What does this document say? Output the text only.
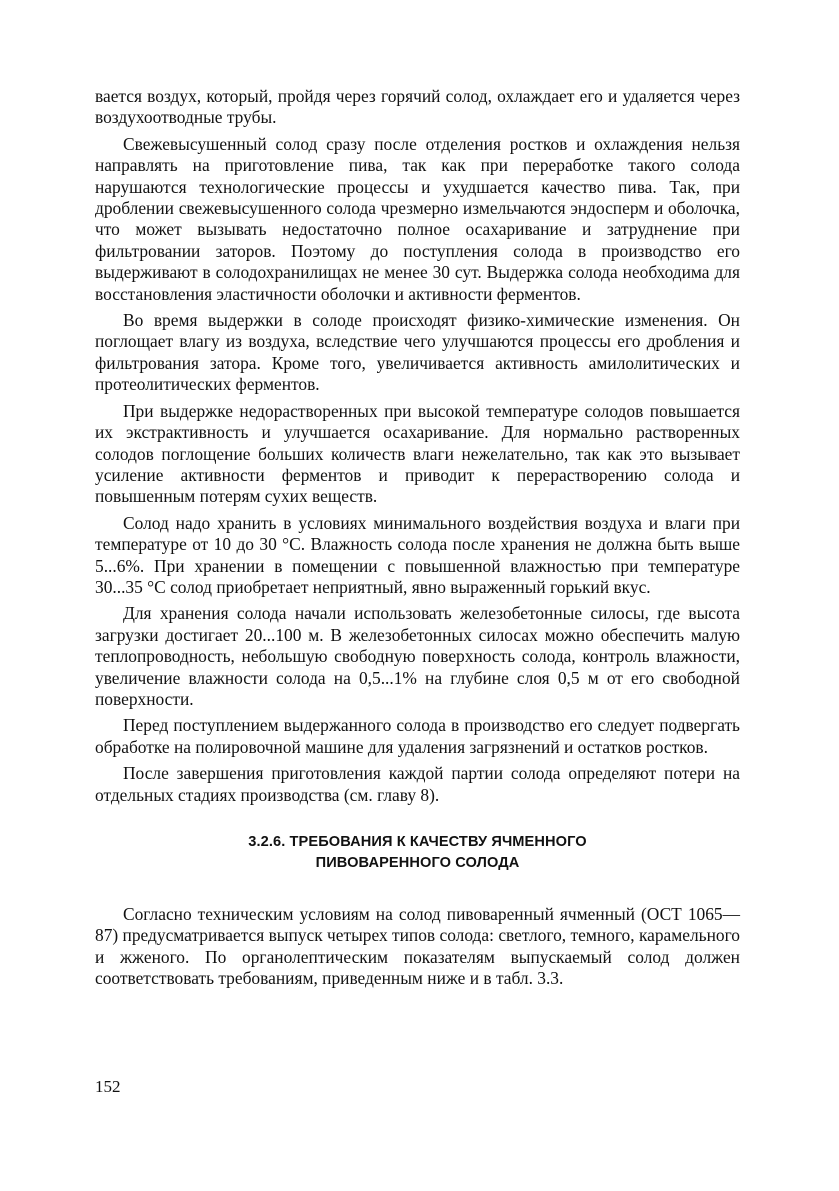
вается воздух, который, пройдя через горячий солод, охлаждает его и удаляется через воздухоотводные трубы.

Свежевысушенный солод сразу после отделения ростков и охлаждения нельзя направлять на приготовление пива, так как при переработке такого солода нарушаются технологические процессы и ухудшается качество пива. Так, при дроблении свежевысушенного солода чрезмерно измельчаются эндосперм и оболочка, что может вызывать недостаточно полное осахаривание и затруднение при фильтровании заторов. Поэтому до поступления солода в производство его выдерживают в солодохранилищах не менее 30 сут. Выдержка солода необходима для восстановления эластичности оболочки и активности ферментов.

Во время выдержки в солоде происходят физико-химические изменения. Он поглощает влагу из воздуха, вследствие чего улучшаются процессы его дробления и фильтрования затора. Кроме того, увеличивается активность амилолитических и протеолитических ферментов.

При выдержке недорастворенных при высокой температуре солодов повышается их экстрактивность и улучшается осахаривание. Для нормально растворенных солодов поглощение больших количеств влаги нежелательно, так как это вызывает усиление активности ферментов и приводит к перерастворению солода и повышенным потерям сухих веществ.

Солод надо хранить в условиях минимального воздействия воздуха и влаги при температуре от 10 до 30 °С. Влажность солода после хранения не должна быть выше 5...6%. При хранении в помещении с повышенной влажностью при температуре 30...35 °С солод приобретает неприятный, явно выраженный горький вкус.

Для хранения солода начали использовать железобетонные силосы, где высота загрузки достигает 20...100 м. В железобетонных силосах можно обеспечить малую теплопроводность, небольшую свободную поверхность солода, контроль влажности, увеличение влажности солода на 0,5...1% на глубине слоя 0,5 м от его свободной поверхности.

Перед поступлением выдержанного солода в производство его следует подвергать обработке на полировочной машине для удаления загрязнений и остатков ростков.

После завершения приготовления каждой партии солода определяют потери на отдельных стадиях производства (см. главу 8).

3.2.6. ТРЕБОВАНИЯ К КАЧЕСТВУ ЯЧМЕННОГО
ПИВОВАРЕННОГО СОЛОДА

Согласно техническим условиям на солод пивоваренный ячменный (ОСТ 1065—87) предусматривается выпуск четырех типов солода: светлого, темного, карамельного и жженого. По органолептическим показателям выпускаемый солод должен соответствовать требованиям, приведенным ниже и в табл. 3.3.

152
